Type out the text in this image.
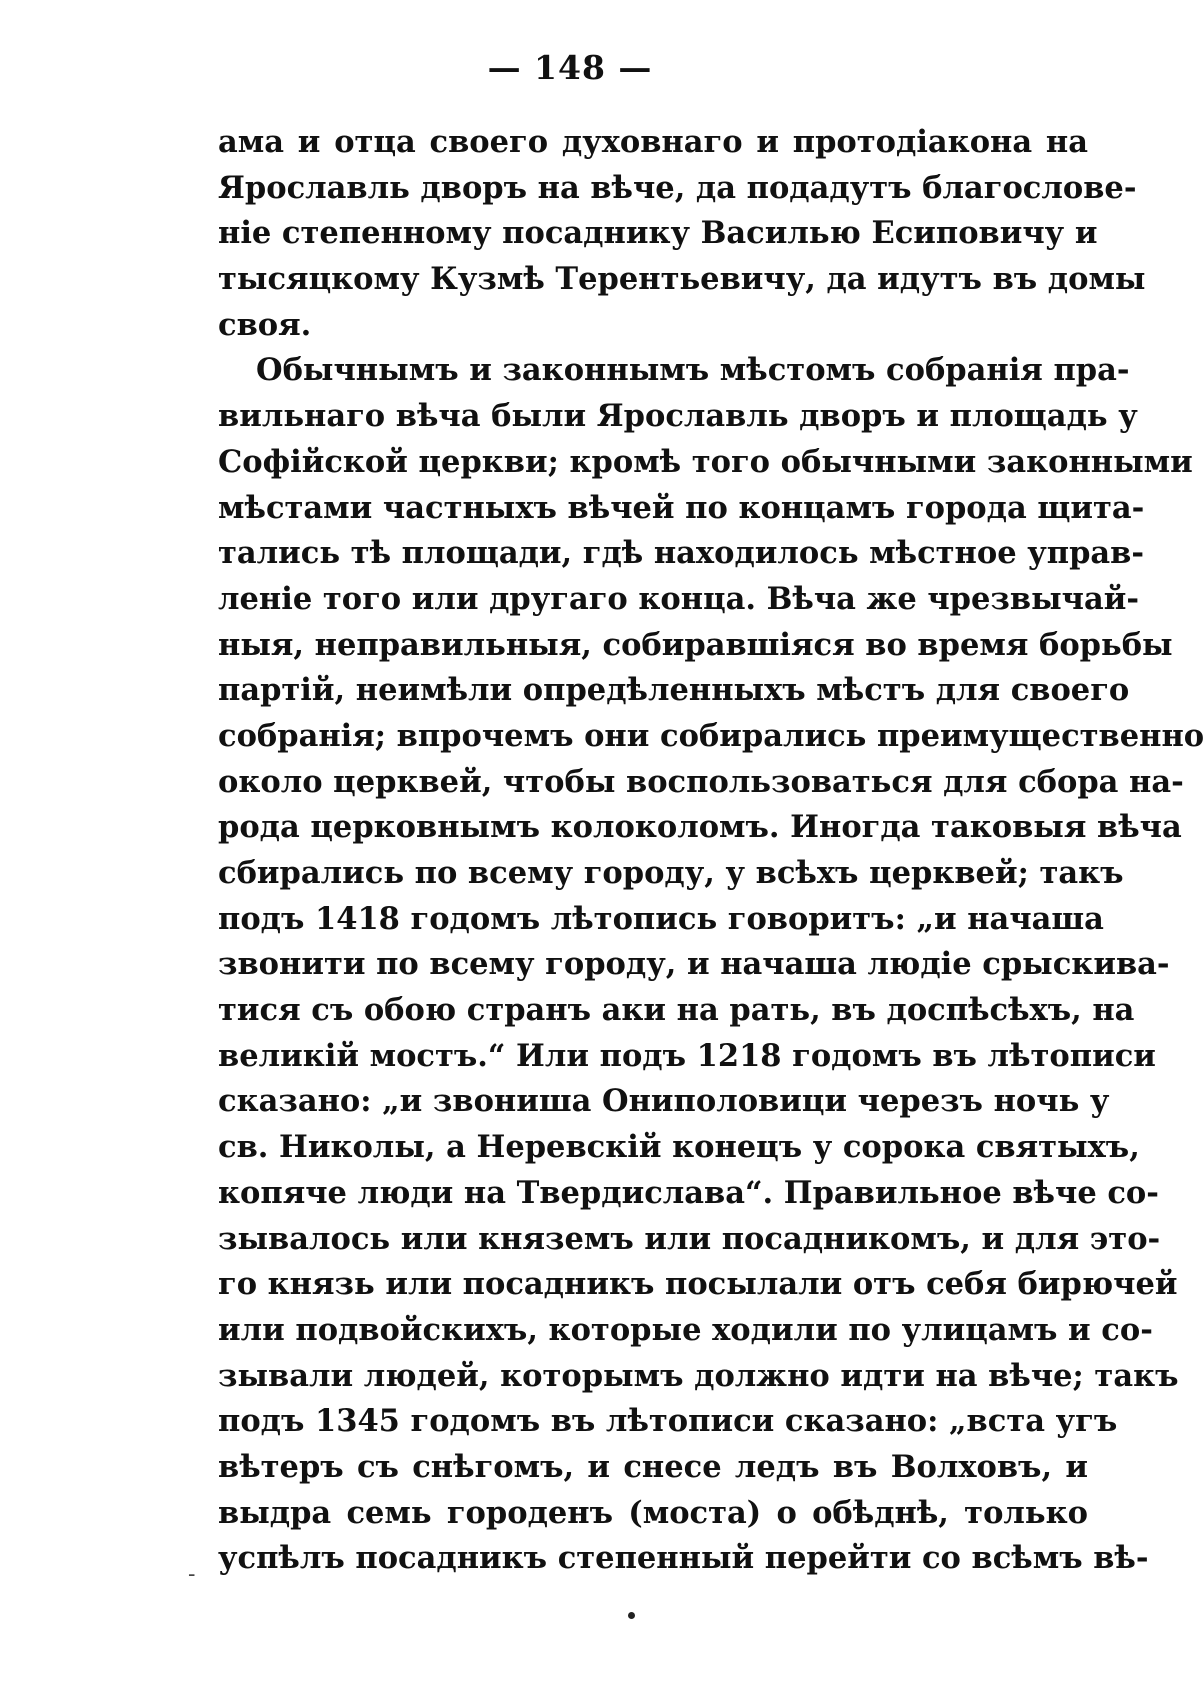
— 148 —
ама и отца своего духовнаго и протодіакона на
Ярославль дворъ на вѣче, да подадутъ благослове-
ніе степенному посаднику Василью Есиповичу и
тысяцкому Кузмѣ Терентьевичу, да идутъ въ домы
своя.
Обычнымъ и законнымъ мѣстомъ собранія пра-
вильнаго вѣча были Ярославль дворъ и площадь у
Софійской церкви; кромѣ того обычными законными
мѣстами частныхъ вѣчей по концамъ города щита-
тались тѣ площади, гдѣ находилось мѣстное управ-
леніе того или другаго конца. Вѣча же чрезвычай-
ныя, неправильныя, собиравшіяся во время борьбы
партій, неимѣли опредѣленныхъ мѣстъ для своего
собранія; впрочемъ они собирались преимущественно
около церквей, чтобы воспользоваться для сбора на-
рода церковнымъ колоколомъ. Иногда таковыя вѣча
сбирались по всему городу, у всѣхъ церквей; такъ
подъ 1418 годомъ лѣтопись говоритъ: „и начаша
звонити по всему городу, и начаша людіе срыскива-
тися съ обою странъ аки на рать, въ доспѣсѣхъ, на
великій мостъ.“ Или подъ 1218 годомъ въ лѣтописи
сказано: „и звониша Ониполовици черезъ ночь у
св. Николы, а Неревскій конецъ у сорока святыхъ,
копяче люди на Твердислава“. Правильное вѣче со-
зывалось или княземъ или посадникомъ, и для это-
го князь или посадникъ посылали отъ себя бирючей
или подвойскихъ, которые ходили по улицамъ и со-
зывали людей, которымъ должно идти на вѣче; такъ
подъ 1345 годомъ въ лѣтописи сказано: „вста угъ
вѣтеръ съ снѣгомъ, и снесе ледъ въ Волховъ, и
выдра семь городенъ (моста) о обѣднѣ, только
успѣлъ посадникъ степенный перейти со всѣмъ вѣ-
-
